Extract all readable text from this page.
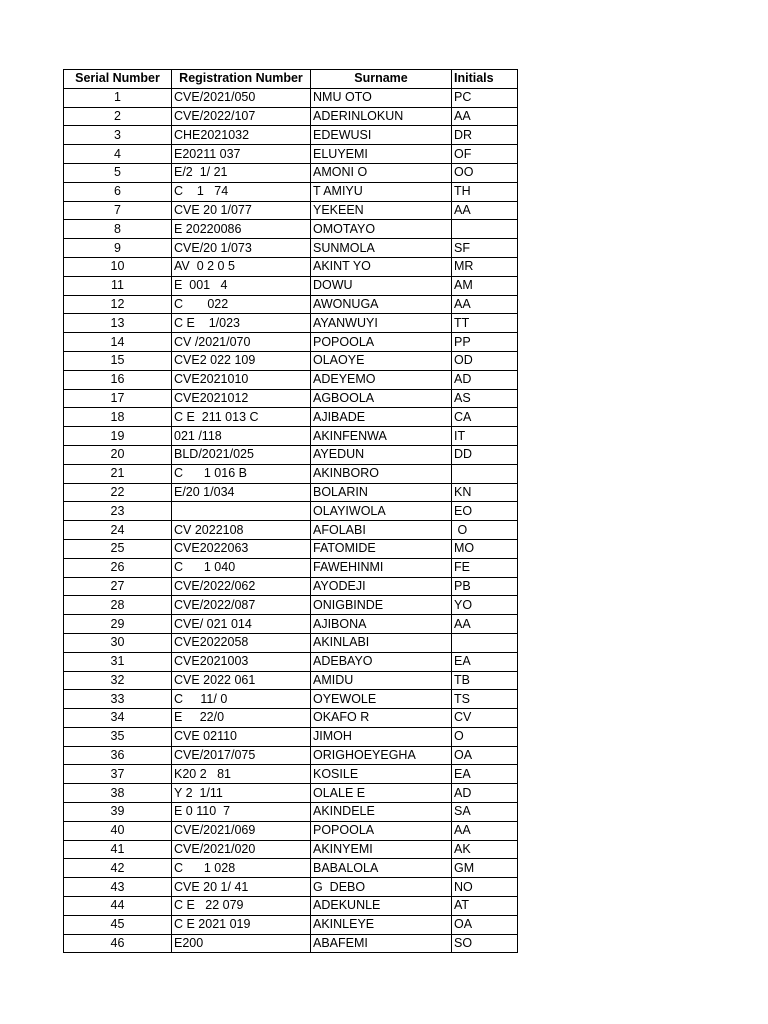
Serial Number	Registration Number	Surname	Initials
1	CVE/2021/050	NMU OTO	PC
2	CVE/2022/107	ADERINLOKUN	AA
3	CHE2021032	EDEWUSI	DR
4	E20211 037	ELUYEMI	OF
5	E/2  1/ 21	AMONI O	OO
6	C    1   74	T AMIYU	TH
7	CVE 20 1/077	YEKEEN	AA
8	E 20220086	OMOTAYO	
9	CVE/20 1/073	SUNMOLA	SF
10	AV  0 2 0 5	AKINT YO	MR
11	E  001   4	DOWU	AM
12	C       022	AWONUGA	AA
13	C E    1/023	AYANWUYI	TT
14	CV /2021/070	POPOOLA	PP
15	CVE2 022 109	OLAOYE	OD
16	CVE2021010	ADEYEMO	AD
17	CVE2021012	AGBOOLA	AS
18	C E  211 013 C	AJIBADE	CA
19	021 /118	AKINFENWA	IT
20	BLD/2021/025	AYEDUN	DD
21	C      1 016 B	AKINBORO	
22	E/20 1/034	BOLARIN	KN
23		OLAYIWOLA	EO
24	CV 2022108	AFOLABI	O
25	CVE2022063	FATOMIDE	MO
26	C      1 040	FAWEHINMI	FE
27	CVE/2022/062	AYODEJI	PB
28	CVE/2022/087	ONIGBINDE	YO
29	CVE/ 021 014	AJIBONA	AA
30	CVE2022058	AKINLABI	
31	CVE2021003	ADEBAYO	EA
32	CVE 2022 061	AMIDU	TB
33	C     11/ 0	OYEWOLE	TS
34	E     22/0	OKAFO R	CV
35	CVE 02110	JIMOH	O
36	CVE/2017/075	ORIGHOEYEGHA	OA
37	K20 2   81	KOSILE	EA
38	Y 2  1/11	OLALE E	AD
39	E 0 110  7	AKINDELE	SA
40	CVE/2021/069	POPOOLA	AA
41	CVE/2021/020	AKINYEMI	AK
42	C      1 028	BABALOLA	GM
43	CVE 20 1/ 41	G  DEBO	NO
44	C E   22 079	ADEKUNLE	AT
45	C E 2021 019	AKINLEYE	OA
46	E200	ABAFEMI	SO
